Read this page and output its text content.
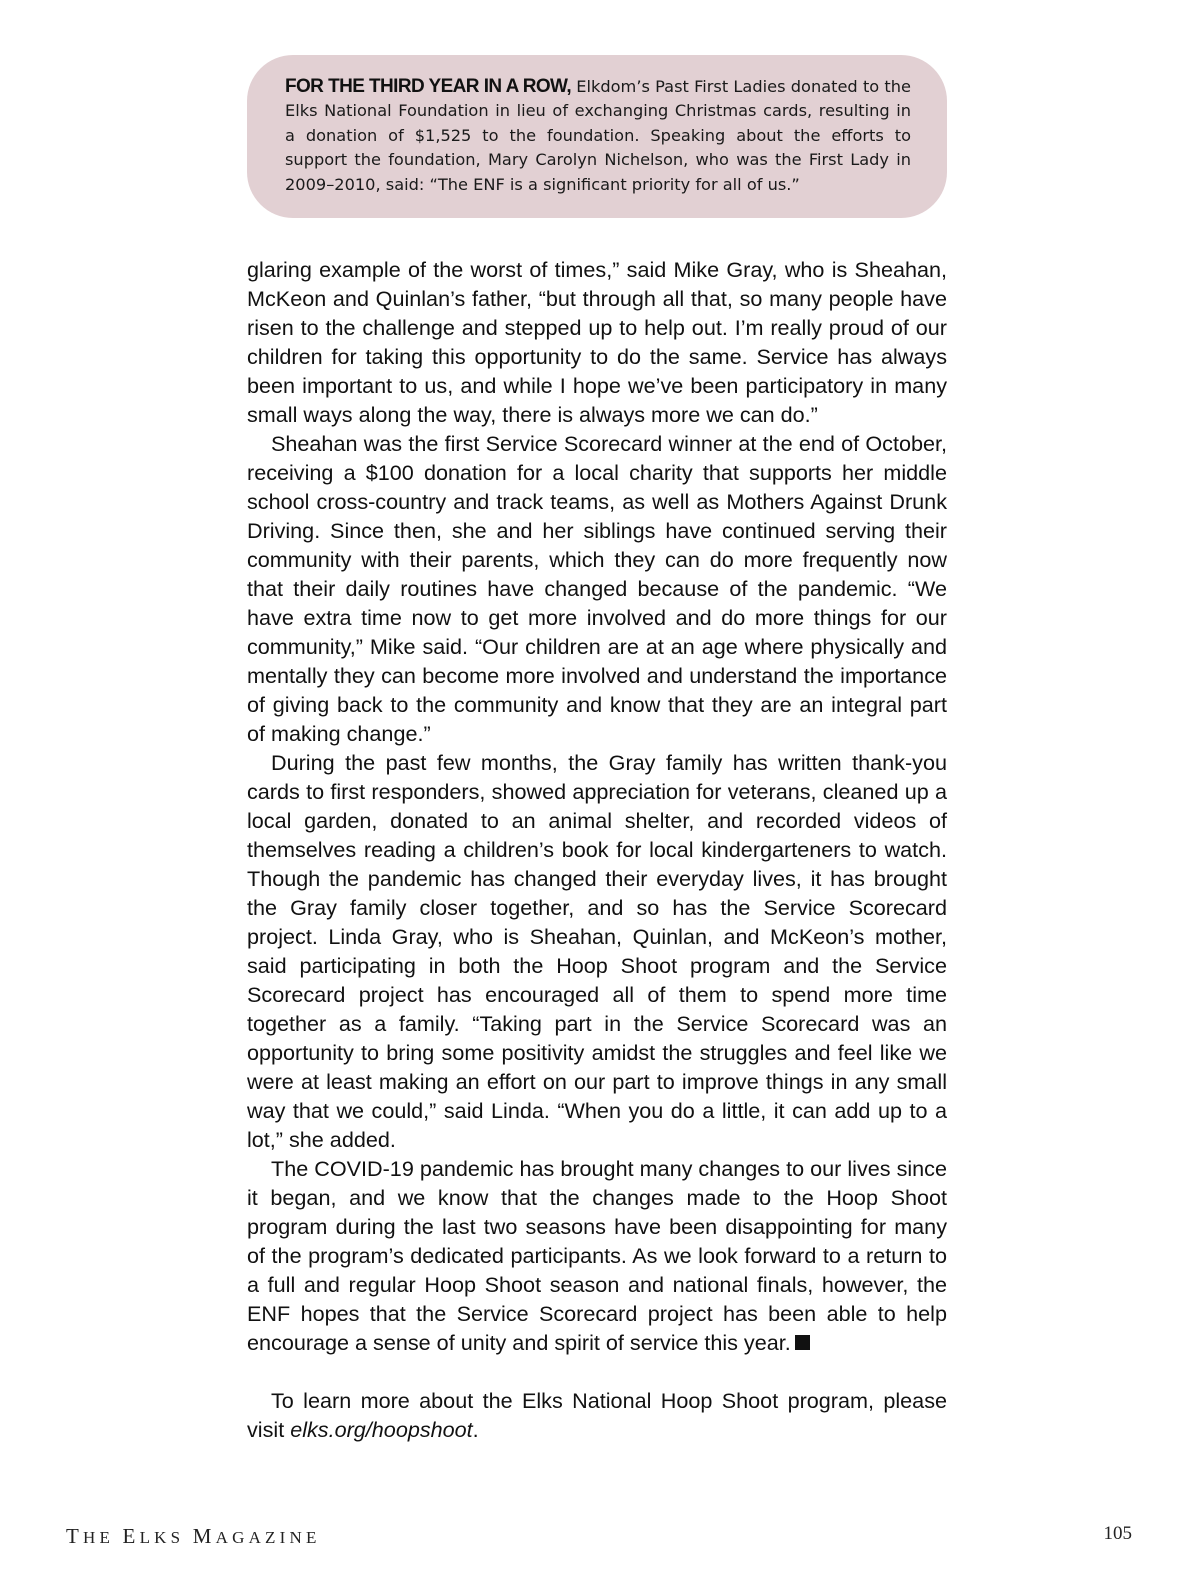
FOR THE THIRD YEAR IN A ROW, Elkdom’s Past First Ladies donated to the Elks National Foundation in lieu of exchanging Christmas cards, resulting in a donation of $1,525 to the foundation. Speaking about the efforts to support the foundation, Mary Carolyn Nichelson, who was the First Lady in 2009–2010, said: “The ENF is a significant priority for all of us.”

glaring example of the worst of times,” said Mike Gray, who is Sheahan, McKeon and Quinlan’s father, “but through all that, so many people have risen to the challenge and stepped up to help out. I’m really proud of our children for taking this opportunity to do the same. Service has always been important to us, and while I hope we’ve been participatory in many small ways along the way, there is always more we can do.”

Sheahan was the first Service Scorecard winner at the end of October, receiving a $100 donation for a local charity that supports her middle school cross-country and track teams, as well as Mothers Against Drunk Driving. Since then, she and her siblings have continued serving their community with their parents, which they can do more frequently now that their daily routines have changed because of the pandemic. “We have extra time now to get more involved and do more things for our community,” Mike said. “Our children are at an age where physically and mentally they can become more involved and understand the importance of giving back to the community and know that they are an integral part of making change.”

During the past few months, the Gray family has written thank-you cards to first responders, showed appreciation for veterans, cleaned up a local garden, donated to an animal shelter, and recorded videos of themselves reading a children’s book for local kindergarteners to watch. Though the pandemic has changed their everyday lives, it has brought the Gray family closer together, and so has the Service Scorecard project. Linda Gray, who is Sheahan, Quinlan, and McKeon’s mother, said participating in both the Hoop Shoot program and the Service Scorecard project has encouraged all of them to spend more time together as a family. “Taking part in the Service Scorecard was an opportunity to bring some positivity amidst the struggles and feel like we were at least making an effort on our part to improve things in any small way that we could,” said Linda. “When you do a little, it can add up to a lot,” she added.

The COVID-19 pandemic has brought many changes to our lives since it began, and we know that the changes made to the Hoop Shoot program during the last two seasons have been disappointing for many of the program’s dedicated participants. As we look forward to a return to a full and regular Hoop Shoot season and national finals, however, the ENF hopes that the Service Scorecard project has been able to help encourage a sense of unity and spirit of service this year.

To learn more about the Elks National Hoop Shoot program, please visit elks.org/hoopshoot.

THE ELKS MAGAZINE	105
